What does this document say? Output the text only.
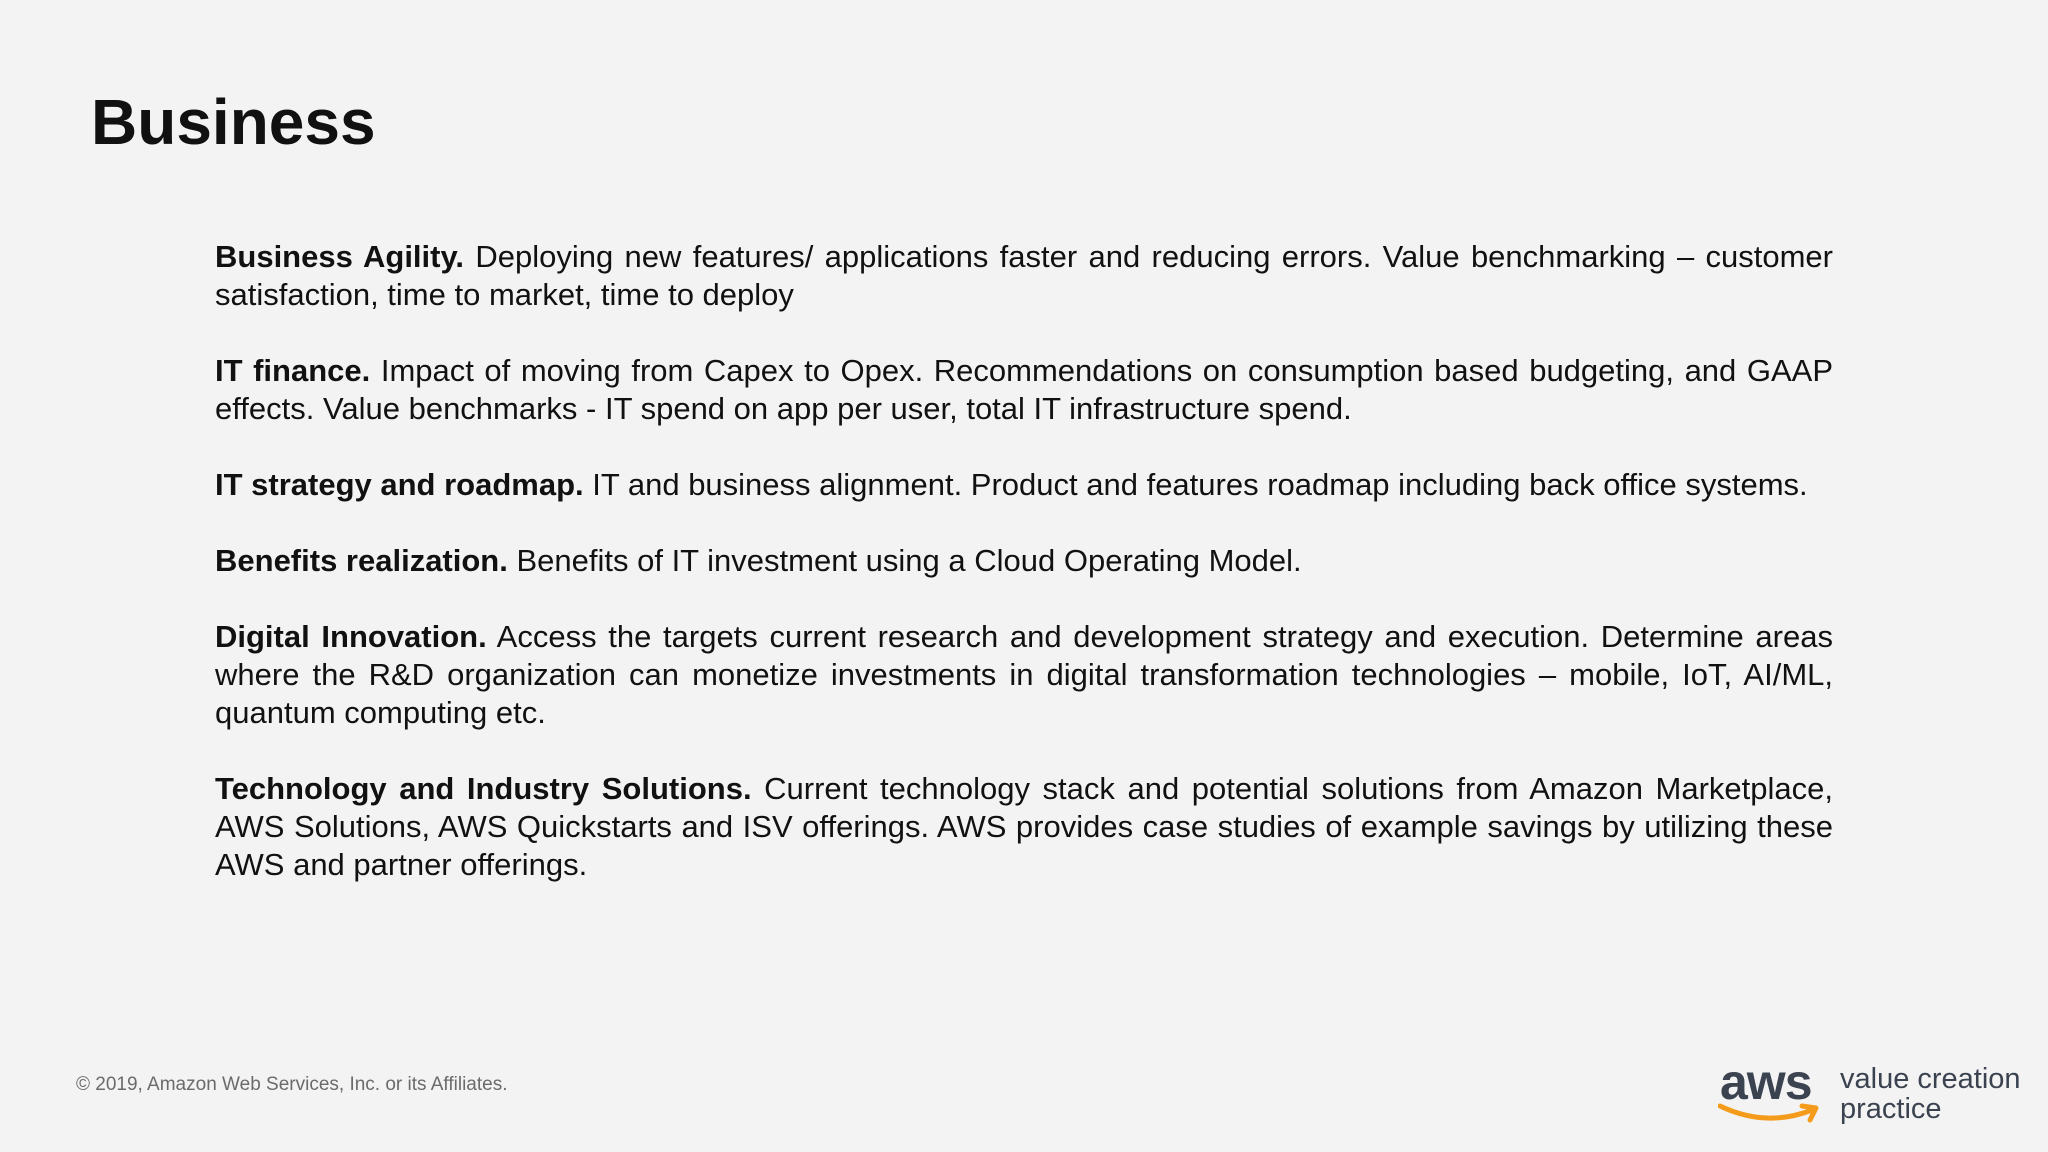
Business

Business Agility. Deploying new features/ applications faster and reducing errors. Value benchmarking – customer satisfaction, time to market, time to deploy

IT finance. Impact of moving from Capex to Opex. Recommendations on consumption based budgeting, and GAAP effects. Value benchmarks - IT spend on app per user, total IT infrastructure spend.

IT strategy and roadmap. IT and business alignment. Product and features roadmap including back office systems.

Benefits realization. Benefits of IT investment using a Cloud Operating Model.

Digital Innovation. Access the targets current research and development strategy and execution. Determine areas where the R&D organization can monetize investments in digital transformation technologies – mobile, IoT, AI/ML, quantum computing etc.

Technology and Industry Solutions. Current technology stack and potential solutions from Amazon Marketplace, AWS Solutions, AWS Quickstarts and ISV offerings. AWS provides case studies of example savings by utilizing these AWS and partner offerings.

© 2019, Amazon Web Services, Inc. or its Affiliates.	aws value creation
practice
